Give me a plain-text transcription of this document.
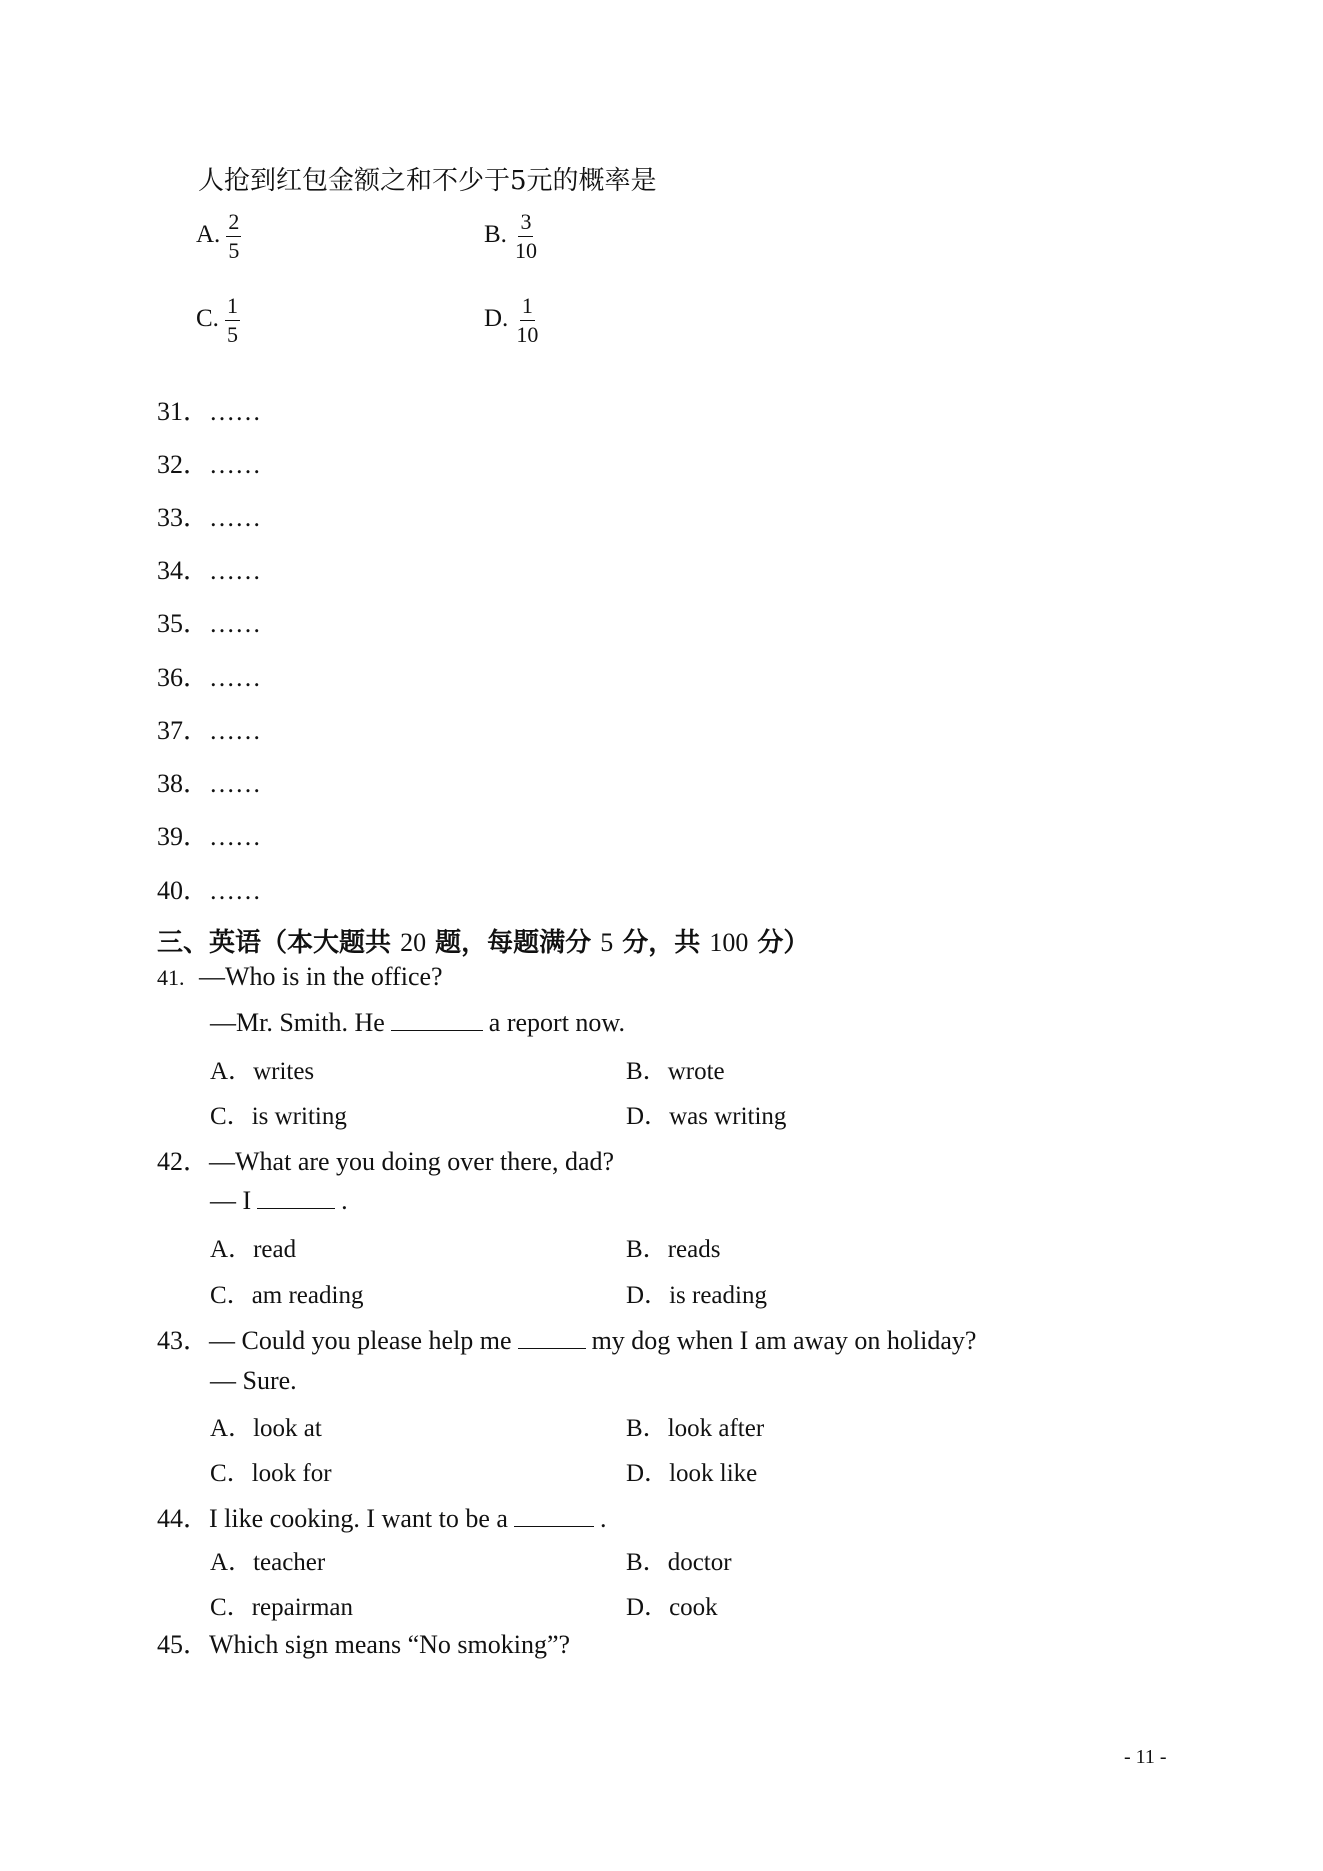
人抢到红包金额之和不少于5元的概率是
A. $\frac{2}{5}$	B. $\frac{3}{10}$
C. $\frac{1}{5}$	D. $\frac{1}{10}$
31．……
32．……
33．……
34．……
35．……
36．……
37．……
38．……
39．……
40．……
三、英语（本大题共 20 题，每题满分 5 分，共 100 分）
41. —Who is in the office?
—Mr. Smith. He	a report now.
A．writes	B．wrote
C．is writing	D．was writing
42．—What are you doing over there, dad?
— I	.
A．read	B．reads
C．am reading	D．is reading
43．— Could you please help me	my dog when I am away on holiday?
— Sure.
A．look at	B．look after
C．look for	D．look like
44．I like cooking. I want to be a	.
A．teacher	B．doctor
C．repairman	D．cook
45．Which sign means “No smoking”?
- 11 -
